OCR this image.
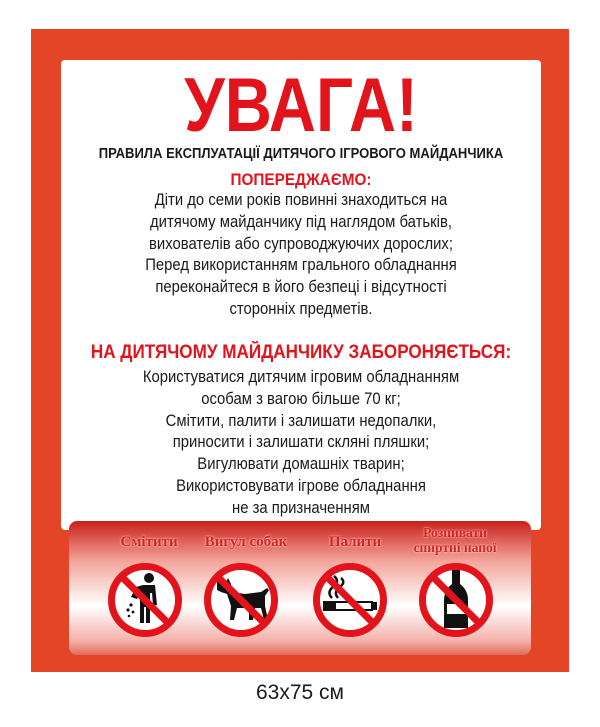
УВАГА!
ПРАВИЛА ЕКСПЛУАТАЦІЇ ДИТЯЧОГО ІГРОВОГО МАЙДАНЧИКА
ПОПЕРЕДЖАЄМО:
Діти до семи років повинні знаходиться на
дитячому майданчику під наглядом батьків,
вихователів або супроводжуючих дорослих;
Перед використанням грального обладнання
переконайтеся в його безпеці і відсутності
сторонніх предметів.
НА ДИТЯЧОМУ МАЙДАНЧИКУ ЗАБОРОНЯЄТЬСЯ:
Користуватися дитячим ігровим обладнанням
особам з вагою більше 70 кг;
Смітити, палити і залишати недопалки,
приносити і залишати скляні пляшки;
Вигулювати домашніх тварин;
Використовувати ігрове обладнання
не за призначенням
Смітити	Вигул собак	Палити
Розпивати
спиртні напої
63x75 см
